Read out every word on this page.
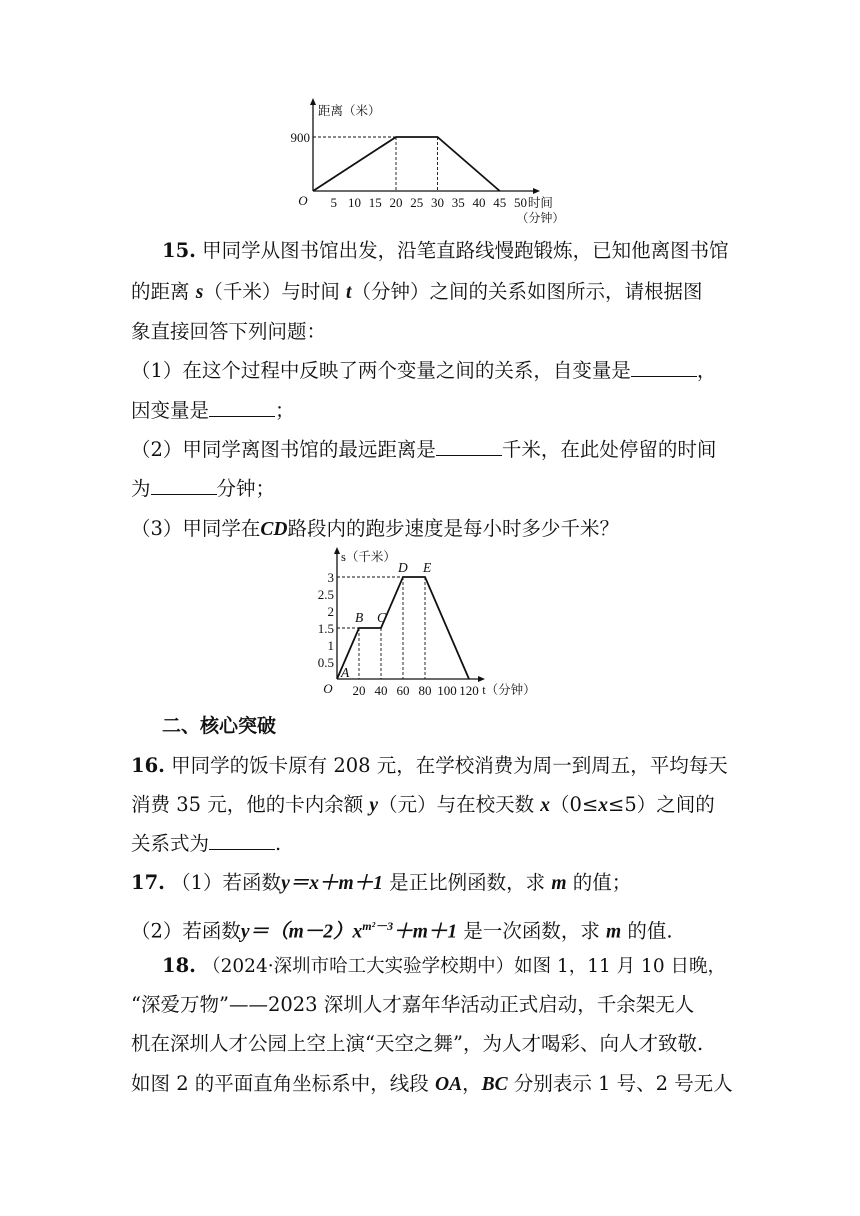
距离（米）
时间
（分钟）
O 5 10 15 20 25 30 35 40 45 50
900
15. 甲同学从图书馆出发，沿笔直路线慢跑锻炼，已知他离图书馆
的距离 s（千米）与时间 t（分钟）之间的关系如图所示，请根据图
象直接回答下列问题：
（1）在这个过程中反映了两个变量之间的关系，自变量是	，
因变量是	；
（2）甲同学离图书馆的最远距离是	千米，在此处停留的时间
为	分钟；
（3）甲同学在CD路段内的跑步速度是每小时多少千米？
s（千米）
t（分钟）
O 20 40 60 80 100 120
0.5
1
1.5
2
2.5
3
A
B C
D E
二、核心突破
16. 甲同学的饭卡原有 208 元，在学校消费为周一到周五，平均每天
消费 35 元，他的卡内余额 y（元）与在校天数 x（0≤x≤5）之间的
关系式为	.
17. （1）若函数y＝x＋m＋1 是正比例函数，求 m 的值；
（2）若函数$y=(m-2)x^{m^2-3}+m+1$ 是一次函数，求 m 的值.
18. （2024·深圳市哈工大实验学校期中）如图 1，11 月 10 日晚，
“深爱万物”——2023 深圳人才嘉年华活动正式启动，千余架无人
机在深圳人才公园上空上演“天空之舞”，为人才喝彩、向人才致敬.
如图 2 的平面直角坐标系中，线段 OA，BC 分别表示 1 号、2 号无人
